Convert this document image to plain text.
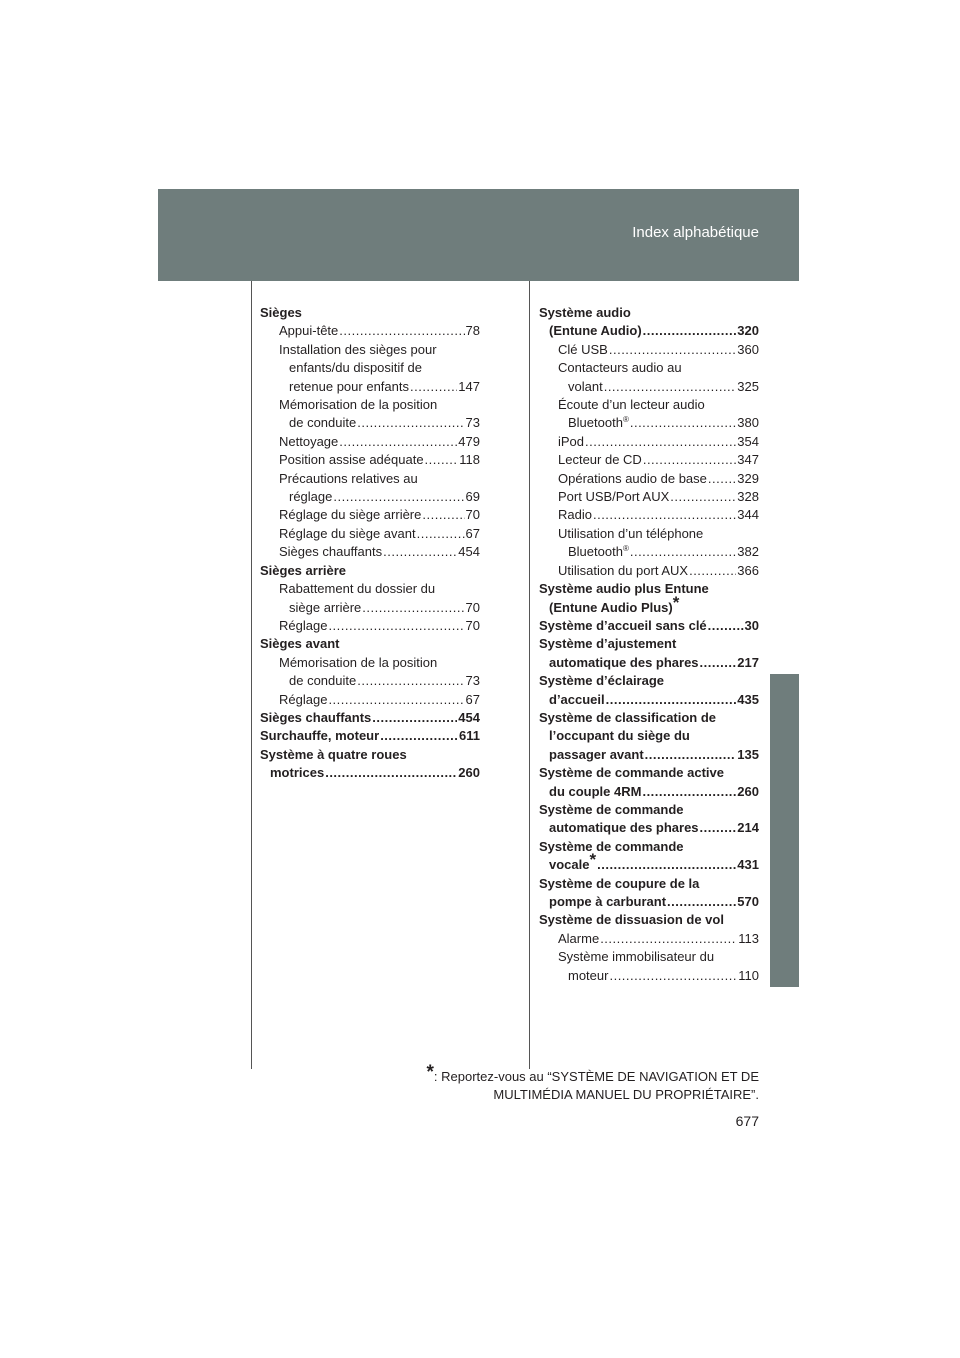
Index alphabétique
Sièges
Appui-tête .....	78
Installation des sièges pour
enfants/du dispositif de
retenue pour enfants .....	147
Mémorisation de la position
de conduite .....	73
Nettoyage .....	479
Position assise adéquate .....	118
Précautions relatives au
réglage .....	69
Réglage du siège arrière .....	70
Réglage du siège avant .....	67
Sièges chauffants .....	454
Sièges arrière
Rabattement du dossier du
siège arrière .....	70
Réglage .....	70
Sièges avant
Mémorisation de la position
de conduite .....	73
Réglage .....	67
Sièges chauffants .....	454
Surchauffe, moteur .....	611
Système à quatre roues
motrices .....	260
Système audio
(Entune Audio) .....	320
Clé USB .....	360
Contacteurs audio au
volant .....	325
Écoute d’un lecteur audio
Bluetooth® .....	380
iPod .....	354
Lecteur de CD .....	347
Opérations audio de base ..... 329
Port USB/Port AUX .....	328
Radio .....	344
Utilisation d’un téléphone
Bluetooth® .....	382
Utilisation du port AUX .....	366
Système audio plus Entune
(Entune Audio Plus)*
Système d’accueil sans clé .....	30
Système d’ajustement
automatique des phares .....	217
Système d’éclairage
d’accueil .....	435
Système de classification de
l’occupant du siège du
passager avant .....	135
Système de commande active
du couple 4RM .....	260
Système de commande
automatique des phares .....	214
Système de commande
vocale* .....	431
Système de coupure de la
pompe à carburant .....	570
Système de dissuasion de vol
Alarme .....	113
Système immobilisateur du
moteur .....	110
*: Reportez-vous au “SYSTÈME DE NAVIGATION ET DE
MULTIMÉDIA MANUEL DU PROPRIÉTAIRE”.
677
